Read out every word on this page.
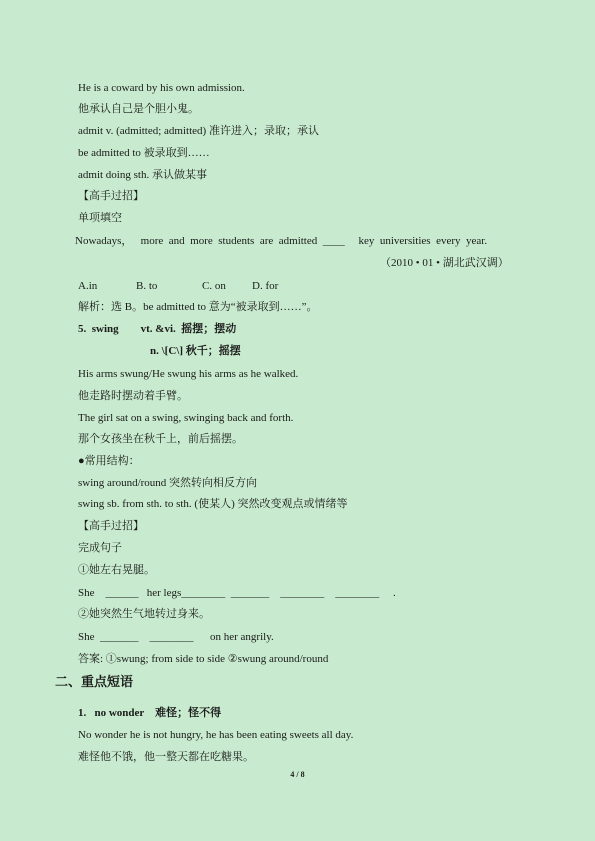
He is a coward by his own admission.
他承认自己是个胆小鬼。
admit v. (admitted; admitted) 准许进入；录取；承认
be admitted to 被录取到……
admit doing sth. 承认做某事
【高手过招】
单项填空
Nowadays，   more  and  more  students  are  admitted  ____     key  universities  every  year.
（2010 • 01 • 湖北武汉调）
A.in	B. to	C. on D. for
解析：选 B。be admitted to 意为“被录取到……”。
5.  swing        vt. &vi.  摇摆；摆动
n. \[C\] 秋千；摇摆
His arms swung/He swung his arms as he walked.
他走路时摆动着手臂。
The girl sat on a swing, swinging back and forth.
那个女孩坐在秋千上，前后摇摆。
●常用结构：
swing around/round 突然转向相反方向
swing sb. from sth. to sth. (使某人) 突然改变观点或情绪等
【高手过招】
完成句子
①她左右晃腿。
She    ______   her legs________  _______    ________    ________     .
②她突然生气地转过身来。
She  _______    ________      on her angrily.
答案: ①swung; from side to side ②swung around/round
二、重点短语
1.   no wonder    难怪；怪不得
No wonder he is not hungry, he has been eating sweets all day.
难怪他不饿，他一整天都在吃糖果。
4 / 8
